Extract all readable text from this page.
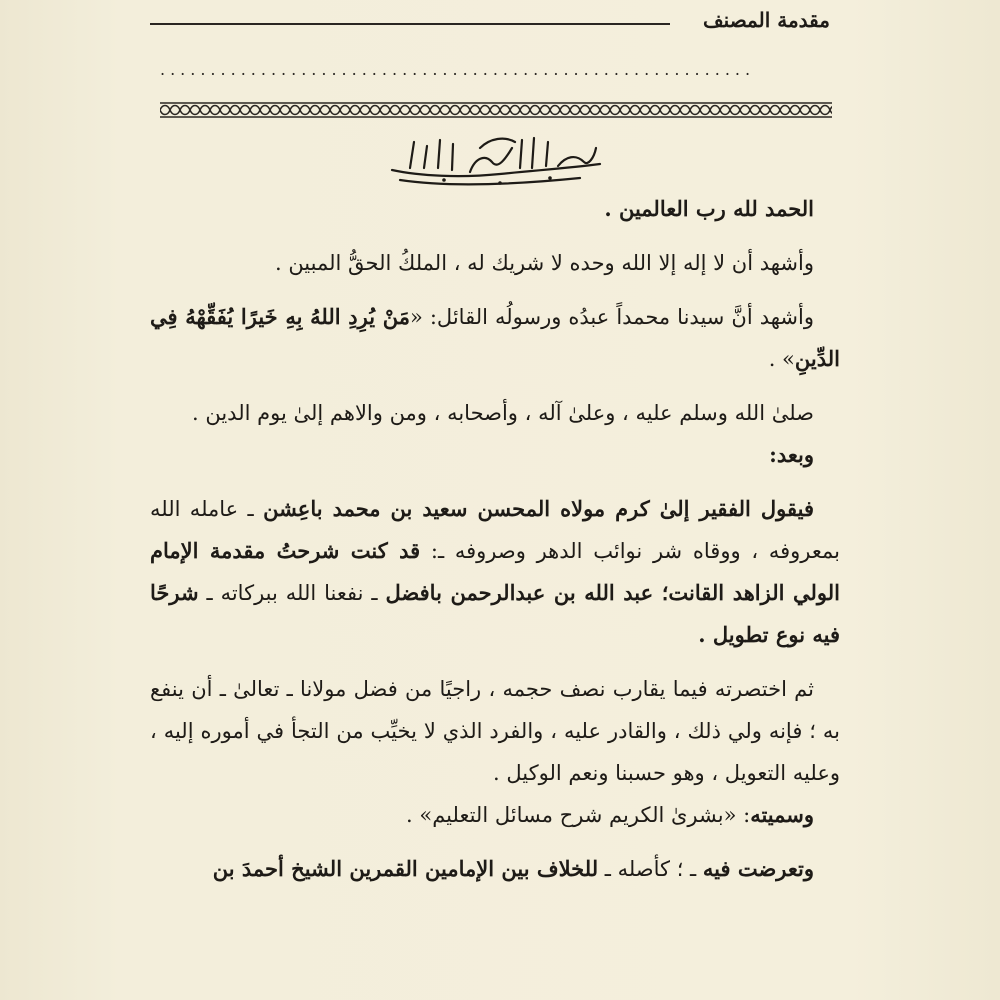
مقدمة المصنف
...........................................................

الحمد لله رب العالمين .

وأشهد أن لا إله إلا الله وحده لا شريك له ، الملكُ الحقُّ المبين .

وأشهد أنَّ سيدنا محمداً عبدُه ورسولُه القائل: «مَنْ يُرِدِ اللهُ بِهِ خَيرًا يُفَقِّهْهُ فِي الدِّينِ» .

صلىٰ الله وسلم عليه ، وعلىٰ آله ، وأصحابه ، ومن والاهم إلىٰ يوم الدين .

وبعد:

فيقول الفقير إلىٰ كرم مولاه المحسن سعيد بن محمد باعِشن ـ عامله الله بمعروفه ، ووقاه شر نوائب الدهر وصروفه ـ: قد كنت شرحتُ مقدمة الإمام الولي الزاهد القانت؛ عبد الله بن عبدالرحمن بافضل ـ نفعنا الله ببركاته ـ شرحًا فيه نوع تطويل .

ثم اختصرته فيما يقارب نصف حجمه ، راجيًا من فضل مولانا ـ تعالىٰ ـ أن ينفع به ؛ فإنه ولي ذلك ، والقادر عليه ، والفرد الذي لا يخيِّب من التجأ في أموره إليه ، وعليه التعويل ، وهو حسبنا ونعم الوكيل .

وسميته: «بشرىٰ الكريم شرح مسائل التعليم» .

وتعرضت فيه ـ ؛ كأصله ـ للخلاف بين الإمامين القمرين الشيخ أحمدَ بن
